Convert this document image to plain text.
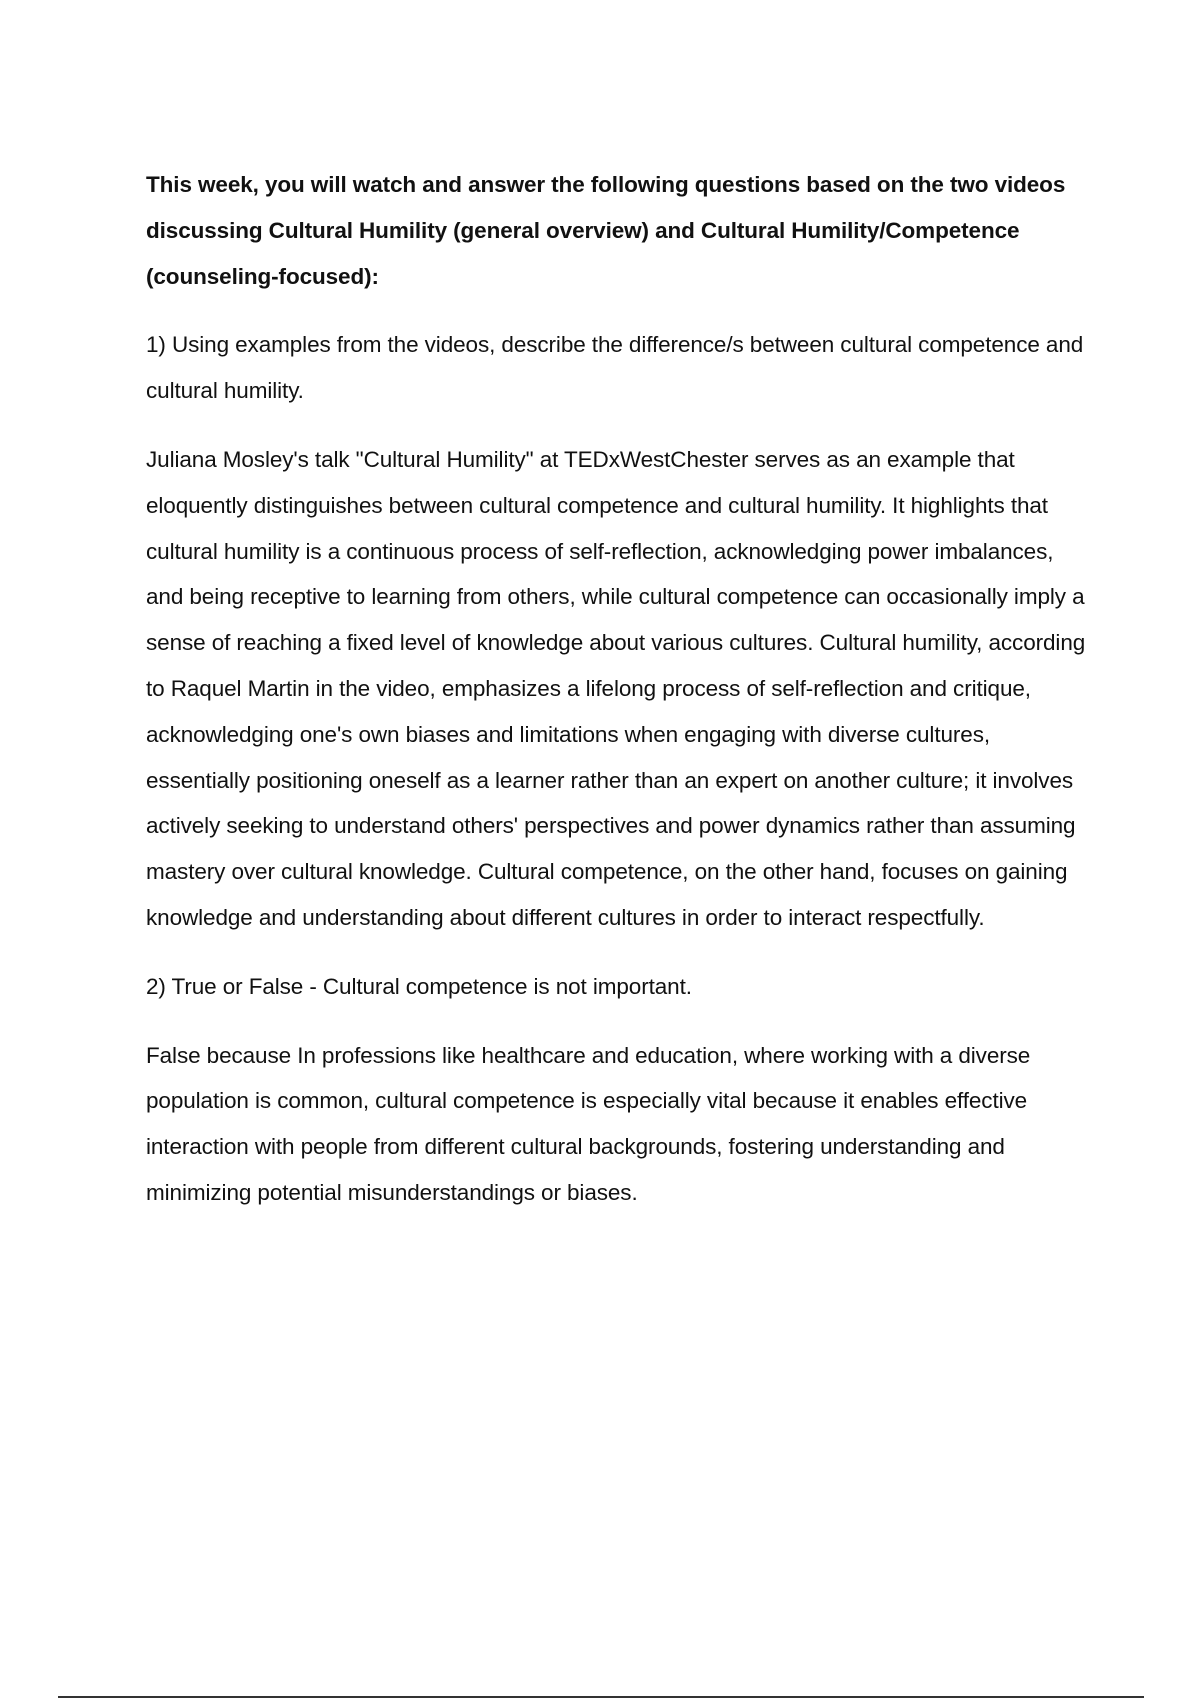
This week, you will watch and answer the following questions based on the two videos discussing Cultural Humility (general overview) and Cultural Humility/Competence (counseling-focused):

1) Using examples from the videos, describe the difference/s between cultural competence and cultural humility.

Juliana Mosley's talk "Cultural Humility" at TEDxWestChester serves as an example that eloquently distinguishes between cultural competence and cultural humility. It highlights that cultural humility is a continuous process of self-reflection, acknowledging power imbalances, and being receptive to learning from others, while cultural competence can occasionally imply a sense of reaching a fixed level of knowledge about various cultures. Cultural humility, according to Raquel Martin in the video, emphasizes a lifelong process of self-reflection and critique, acknowledging one's own biases and limitations when engaging with diverse cultures, essentially positioning oneself as a learner rather than an expert on another culture; it involves actively seeking to understand others' perspectives and power dynamics rather than assuming mastery over cultural knowledge. Cultural competence, on the other hand, focuses on gaining knowledge and understanding about different cultures in order to interact respectfully.

2) True or False - Cultural competence is not important.

False because In professions like healthcare and education, where working with a diverse population is common, cultural competence is especially vital because it enables effective interaction with people from different cultural backgrounds, fostering understanding and minimizing potential misunderstandings or biases.
